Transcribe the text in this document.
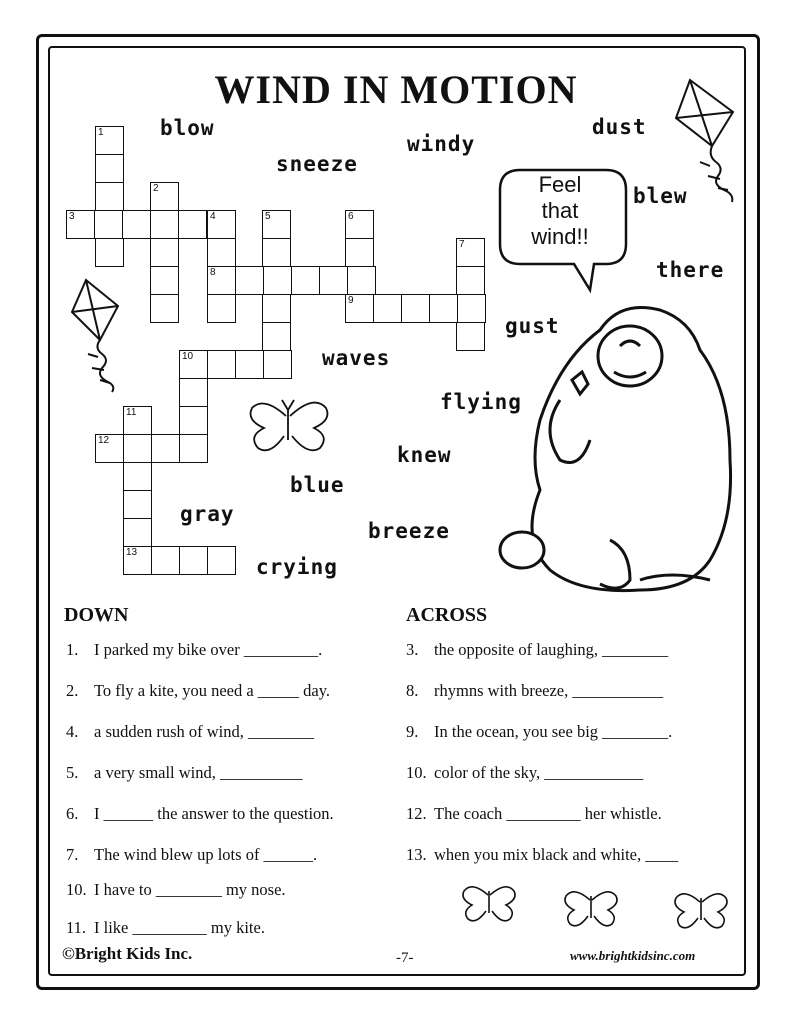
WIND IN MOTION
blow
windy
dust
sneeze
blew
there
gust
waves
flying
knew
blue
gray
breeze
crying
1
2
3	4	5	6
7
8
9
10
11
12
13
Feel
that
wind!!
DOWN	ACROSS
1. I parked my bike over _________.
2. To fly a kite, you need a _____ day.
4. a sudden rush of wind, ________
5. a very small wind, __________
6. I ______ the answer to the question.
7. The wind blew up lots of ______.
10. I have to ________ my nose.
11. I like _________ my kite.
3. the opposite of laughing, ________
8. rhymns with breeze, ___________
9. In the ocean, you see big ________.
10. color of the sky, ____________
12. The coach _________ her whistle.
13. when you mix black and white, ____
©Bright Kids Inc.	-7-	www.brightkidsinc.com
